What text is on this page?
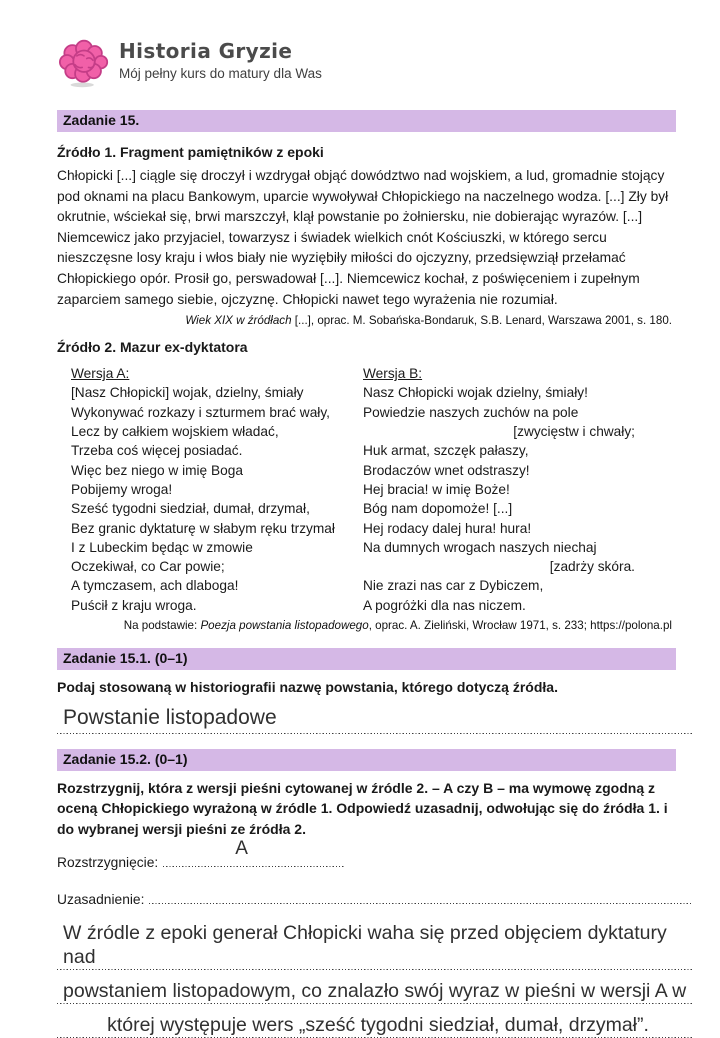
Historia Gryzie
Mój pełny kurs do matury dla Was
Zadanie 15.
Źródło 1. Fragment pamiętników z epoki
Chłopicki [...] ciągle się droczył i wzdrygał objąć dowództwo nad wojskiem, a lud, gromadnie stojący pod oknami na placu Bankowym, uparcie wywoływał Chłopickiego na naczelnego wodza. [...] Zły był okrutnie, wściekał się, brwi marszczył, klął powstanie po żołniersku, nie dobierając wyrazów. [...] Niemcewicz jako przyjaciel, towarzysz i świadek wielkich cnót Kościuszki, w którego sercu nieszczęsne losy kraju i włos biały nie wyziębiły miłości do ojczyzny, przedsięwziął przełamać Chłopickiego opór. Prosił go, perswadował [...]. Niemcewicz kochał, z poświęceniem i zupełnym zaparciem samego siebie, ojczyznę. Chłopicki nawet tego wyrażenia nie rozumiał.
Wiek XIX w źródłach [...], oprac. M. Sobańska-Bondaruk, S.B. Lenard, Warszawa 2001, s. 180.
Źródło 2. Mazur ex-dyktatora
Wersja A:
[Nasz Chłopicki] wojak, dzielny, śmiały
Wykonywać rozkazy i szturmem brać wały,
Lecz by całkiem wojskiem władać,
Trzeba coś więcej posiadać.
Więc bez niego w imię Boga
Pobijemy wroga!
Sześć tygodni siedział, dumał, drzymał,
Bez granic dyktaturę w słabym ręku trzymał
I z Lubeckim będąc w zmowie
Oczekiwał, co Car powie;
A tymczasem, ach dlaboga!
Puścił z kraju wroga.
Wersja B:
Nasz Chłopicki wojak dzielny, śmiały!
Powiedzie naszych zuchów na pole
[zwycięstw i chwały;
Huk armat, szczęk pałaszy,
Brodaczów wnet odstraszy!
Hej bracia! w imię Boże!
Bóg nam dopomoże! [...]
Hej rodacy dalej hura! hura!
Na dumnych wrogach naszych niechaj
[zadrży skóra.
Nie zrazi nas car z Dybiczem,
A pogróżki dla nas niczem.
Na podstawie: Poezja powstania listopadowego, oprac. A. Zieliński, Wrocław 1971, s. 233; https://polona.pl
Zadanie 15.1. (0–1)
Podaj stosowaną w historiografii nazwę powstania, którego dotyczą źródła.
Powstanie listopadowe
Zadanie 15.2. (0–1)
Rozstrzygnij, która z wersji pieśni cytowanej w źródle 2. – A czy B – ma wymowę zgodną z oceną Chłopickiego wyrażoną w źródle 1. Odpowiedź uzasadnij, odwołując się do źródła 1. i do wybranej wersji pieśni ze źródła 2.
Rozstrzygnięcie:
A
Uzasadnienie:
W źródle z epoki generał Chłopicki waha się przed objęciem dyktatury nad
powstaniem listopadowym, co znalazło swój wyraz w pieśni w wersji A w
której występuje wers „sześć tygodni siedział, dumał, drzymał”.
